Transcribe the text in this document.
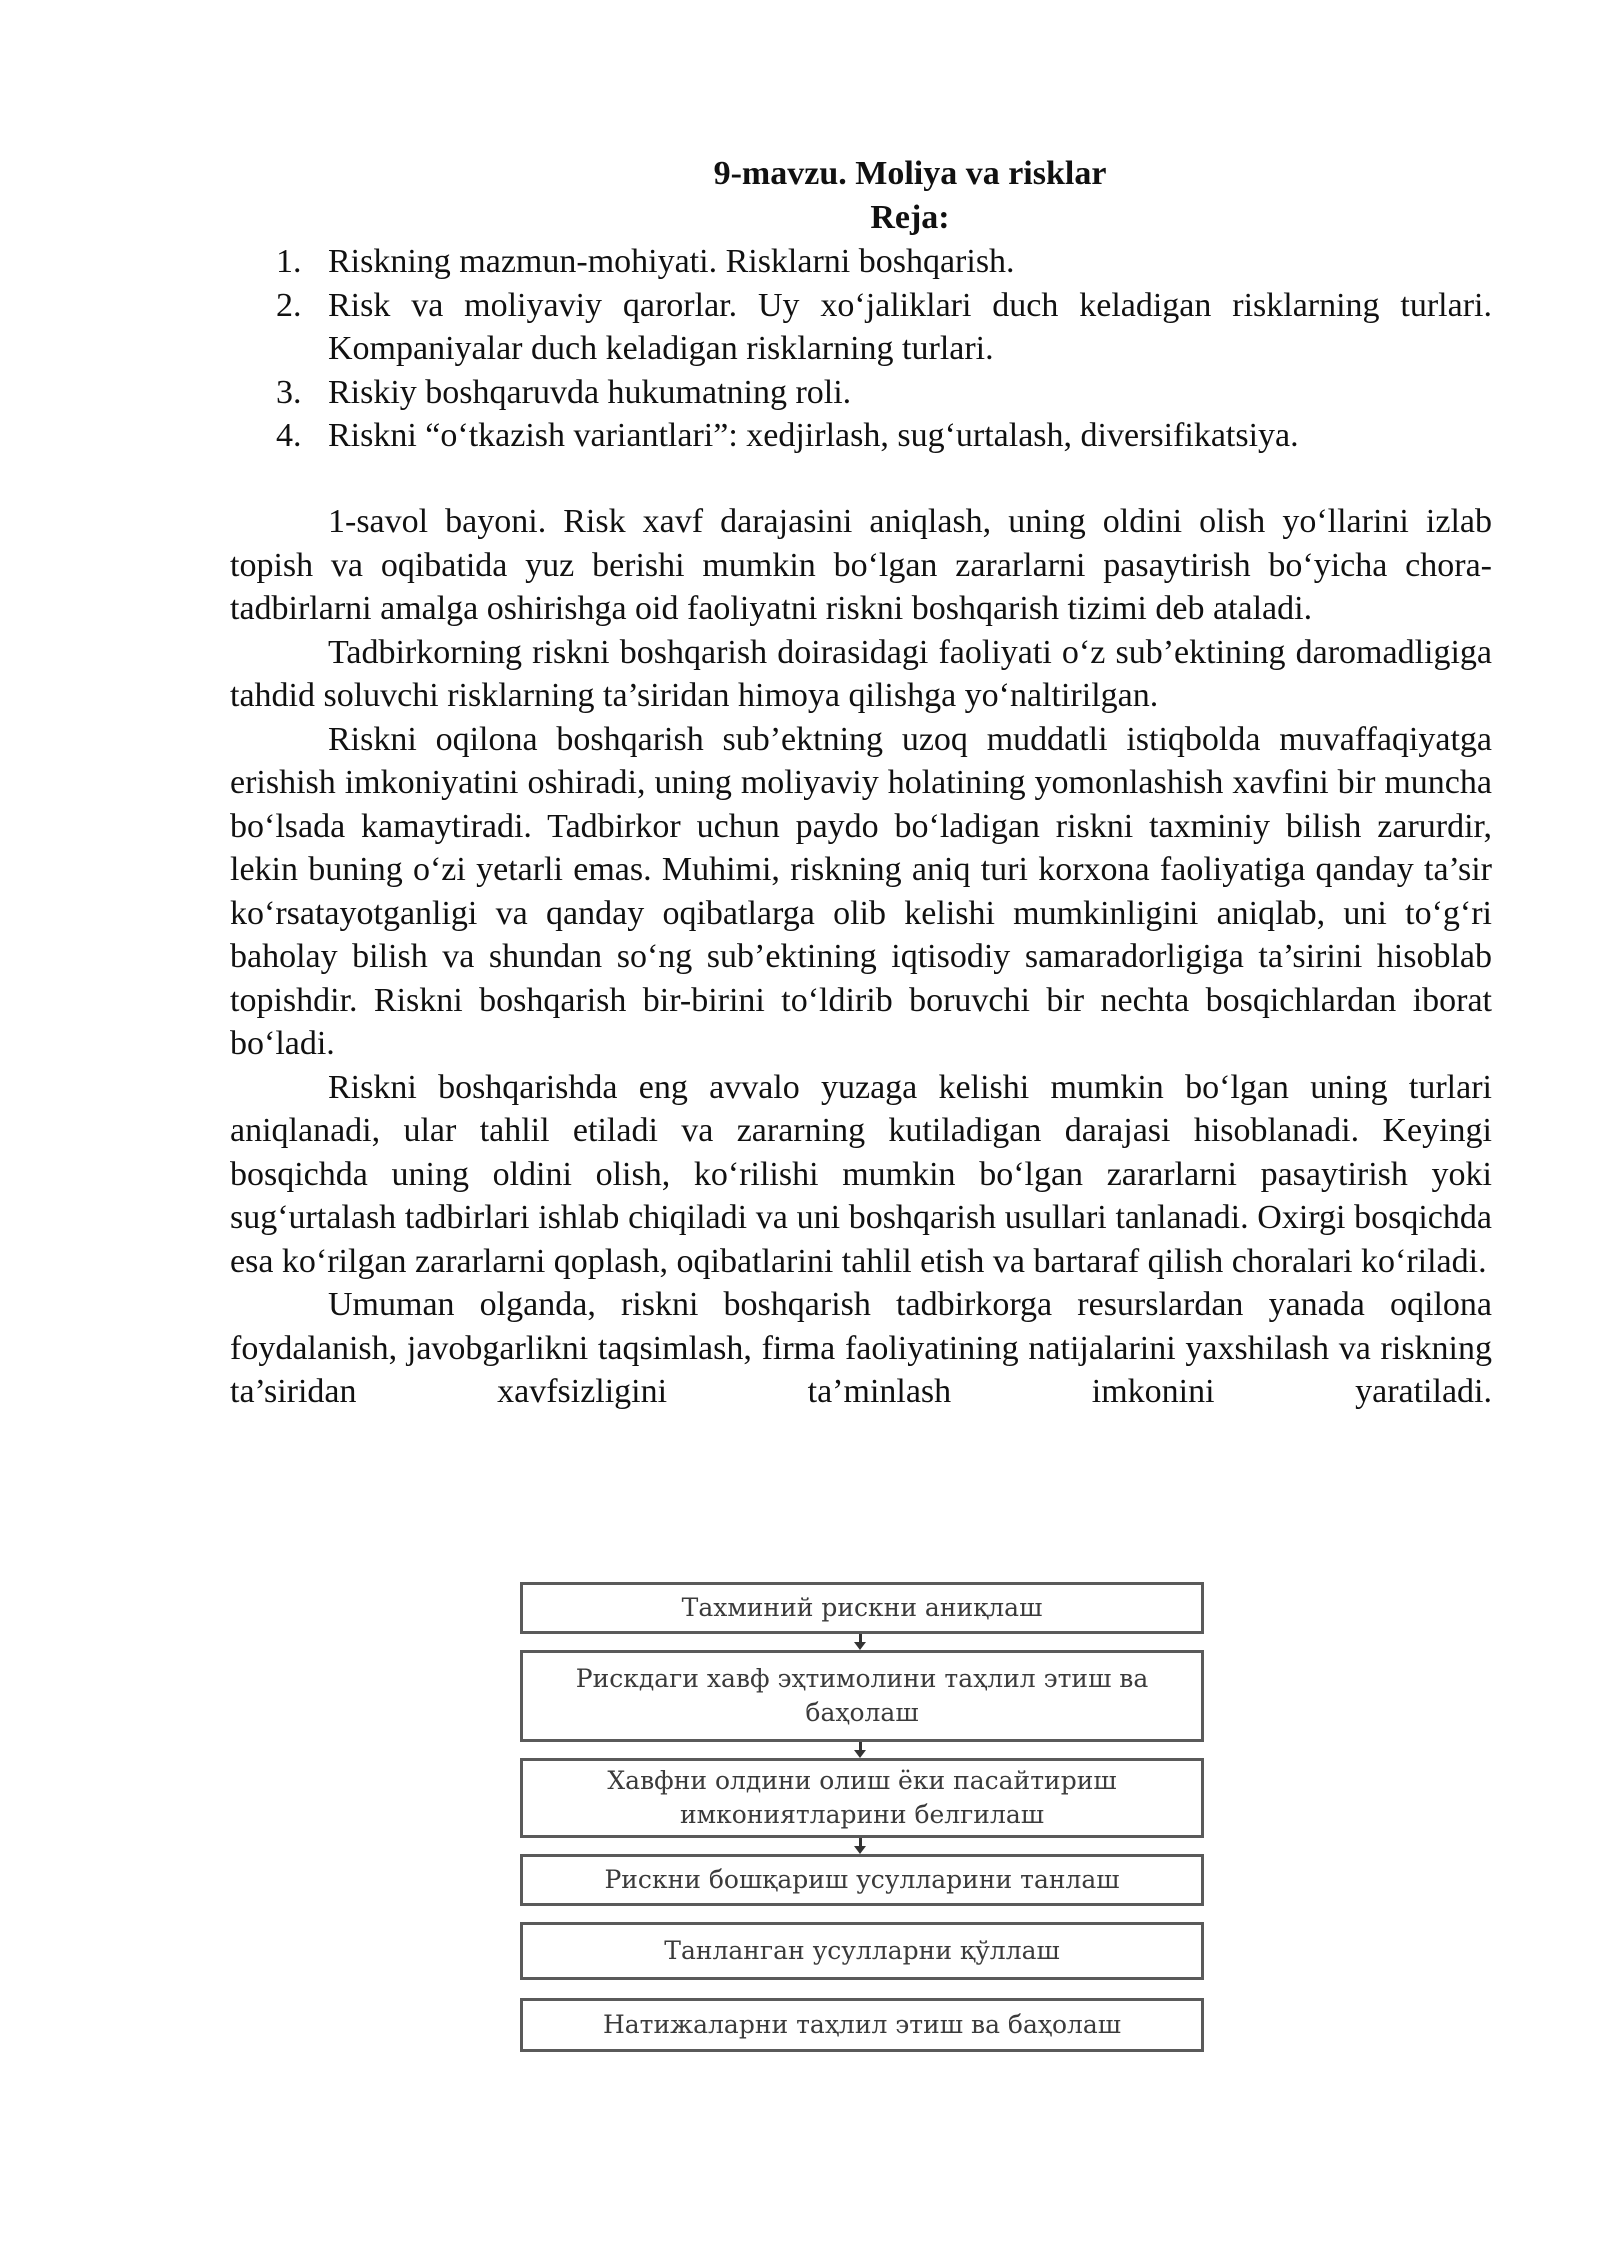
9-mavzu. Moliya va risklar
Reja:
1. Riskning mazmun-mohiyati. Risklarni boshqarish.
2. Risk va moliyaviy qarorlar. Uy xo‘jaliklari duch keladigan risklarning turlari. Kompaniyalar duch keladigan risklarning turlari.
3. Riskiy boshqaruvda hukumatning roli.
4. Riskni “o‘tkazish variantlari”: xedjirlash, sug‘urtalash, diversifikatsiya.

1-savol bayoni. Risk xavf darajasini aniqlash, uning oldini olish yo‘llarini izlab topish va oqibatida yuz berishi mumkin bo‘lgan zararlarni pasaytirish bo‘yicha chora-tadbirlarni amalga oshirishga oid faoliyatni riskni boshqarish tizimi deb ataladi.

Tadbirkorning riskni boshqarish doirasidagi faoliyati o‘z sub’ektining daromadligiga tahdid soluvchi risklarning ta’siridan himoya qilishga yo‘naltirilgan.

Riskni oqilona boshqarish sub’ektning uzoq muddatli istiqbolda muvaffaqiyatga erishish imkoniyatini oshiradi, uning moliyaviy holatining yomonlashish xavfini bir muncha bo‘lsada kamaytiradi. Tadbirkor uchun paydo bo‘ladigan riskni taxminiy bilish zarurdir, lekin buning o‘zi yetarli emas. Muhimi, riskning aniq turi korxona faoliyatiga qanday ta’sir ko‘rsatayotganligi va qanday oqibatlarga olib kelishi mumkinligini aniqlab, uni to‘g‘ri baholay bilish va shundan so‘ng sub’ektining iqtisodiy samaradorligiga ta’sirini hisoblab topishdir. Riskni boshqarish bir-birini to‘ldirib boruvchi bir nechta bosqichlardan iborat bo‘ladi.

Riskni boshqarishda eng avvalo yuzaga kelishi mumkin bo‘lgan uning turlari aniqlanadi, ular tahlil etiladi va zararning kutiladigan darajasi hisoblanadi. Keyingi bosqichda uning oldini olish, ko‘rilishi mumkin bo‘lgan zararlarni pasaytirish yoki sug‘urtalash tadbirlari ishlab chiqiladi va uni boshqarish usullari tanlanadi. Oxirgi bosqichda esa ko‘rilgan zararlarni qoplash, oqibatlarini tahlil etish va bartaraf qilish choralari ko‘riladi.

Umuman olganda, riskni boshqarish tadbirkorga resurslardan yanada oqilona foydalanish, javobgarlikni taqsimlash, firma faoliyatining natijalarini yaxshilash va riskning ta’siridan xavfsizligini ta’minlash imkonini yaratiladi.

Тахминий рискни аниқлаш
Рискдаги хавф эҳтимолини таҳлил этиш ва баҳолаш
Хавфни олдини олиш ёки пасайтириш имкониятларини белгилаш
Рискни бошқариш усулларини танлаш
Танланган усулларни қўллаш
Натижаларни таҳлил этиш ва баҳолаш
